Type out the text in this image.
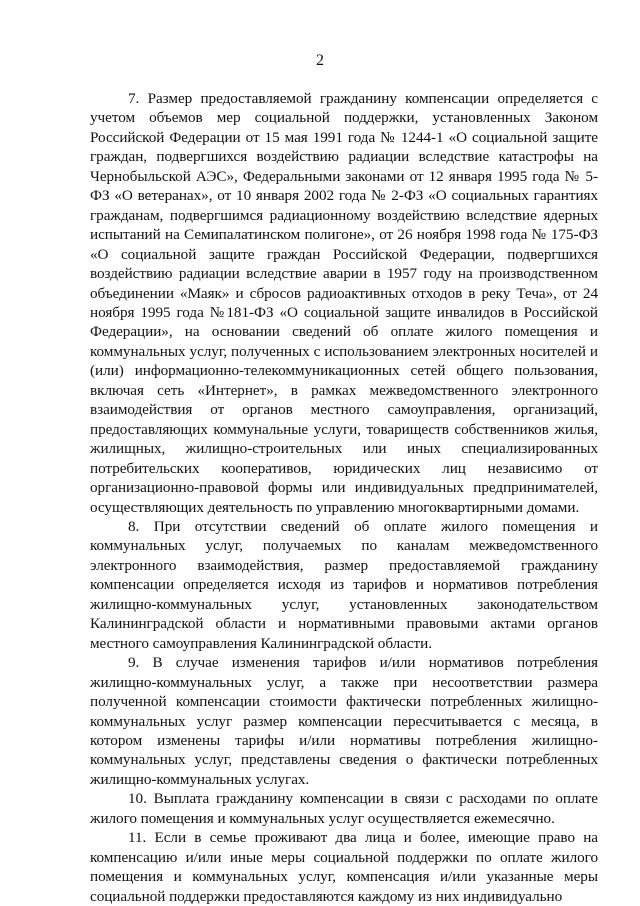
2

7. Размер предоставляемой гражданину компенсации определяется с учетом объемов мер социальной поддержки, установленных Законом Российской Федерации от 15 мая 1991 года № 1244-1 «О социальной защите граждан, подвергшихся воздействию радиации вследствие катастрофы на Чернобыльской АЭС», Федеральными законами от 12 января 1995 года № 5-ФЗ «О ветеранах», от 10 января 2002 года № 2-ФЗ «О социальных гарантиях гражданам, подвергшимся радиационному воздействию вследствие ядерных испытаний на Семипалатинском полигоне», от 26 ноября 1998 года № 175-ФЗ «О социальной защите граждан Российской Федерации, подвергшихся воздействию радиации вследствие аварии в 1957 году на производственном объединении «Маяк» и сбросов радиоактивных отходов в реку Теча», от 24 ноября 1995 года №181-ФЗ «О социальной защите инвалидов в Российской Федерации», на основании сведений об оплате жилого помещения и коммунальных услуг, полученных с использованием электронных носителей и (или) информационно-телекоммуникационных сетей общего пользования, включая сеть «Интернет», в рамках межведомственного электронного взаимодействия от органов местного самоуправления, организаций, предоставляющих коммунальные услуги, товариществ собственников жилья, жилищных, жилищно-строительных или иных специализированных потребительских кооперативов, юридических лиц независимо от организационно-правовой формы или индивидуальных предпринимателей, осуществляющих деятельность по управлению многоквартирными домами.

8. При отсутствии сведений об оплате жилого помещения и коммунальных услуг, получаемых по каналам межведомственного электронного взаимодействия, размер предоставляемой гражданину компенсации определяется исходя из тарифов и нормативов потребления жилищно-коммунальных услуг, установленных законодательством Калининградской области и нормативными правовыми актами органов местного самоуправления Калининградской области.

9. В случае изменения тарифов и/или нормативов потребления жилищно-коммунальных услуг, а также при несоответствии размера полученной компенсации стоимости фактически потребленных жилищно-коммунальных услуг размер компенсации пересчитывается с месяца, в котором изменены тарифы и/или нормативы потребления жилищно-коммунальных услуг, представлены сведения о фактически потребленных жилищно-коммунальных услугах.

10. Выплата гражданину компенсации в связи с расходами по оплате жилого помещения и коммунальных услуг осуществляется ежемесячно.

11. Если в семье проживают два лица и более, имеющие право на компенсацию и/или иные меры социальной поддержки по оплате жилого помещения и коммунальных услуг, компенсация и/или указанные меры социальной поддержки предоставляются каждому из них индивидуально
